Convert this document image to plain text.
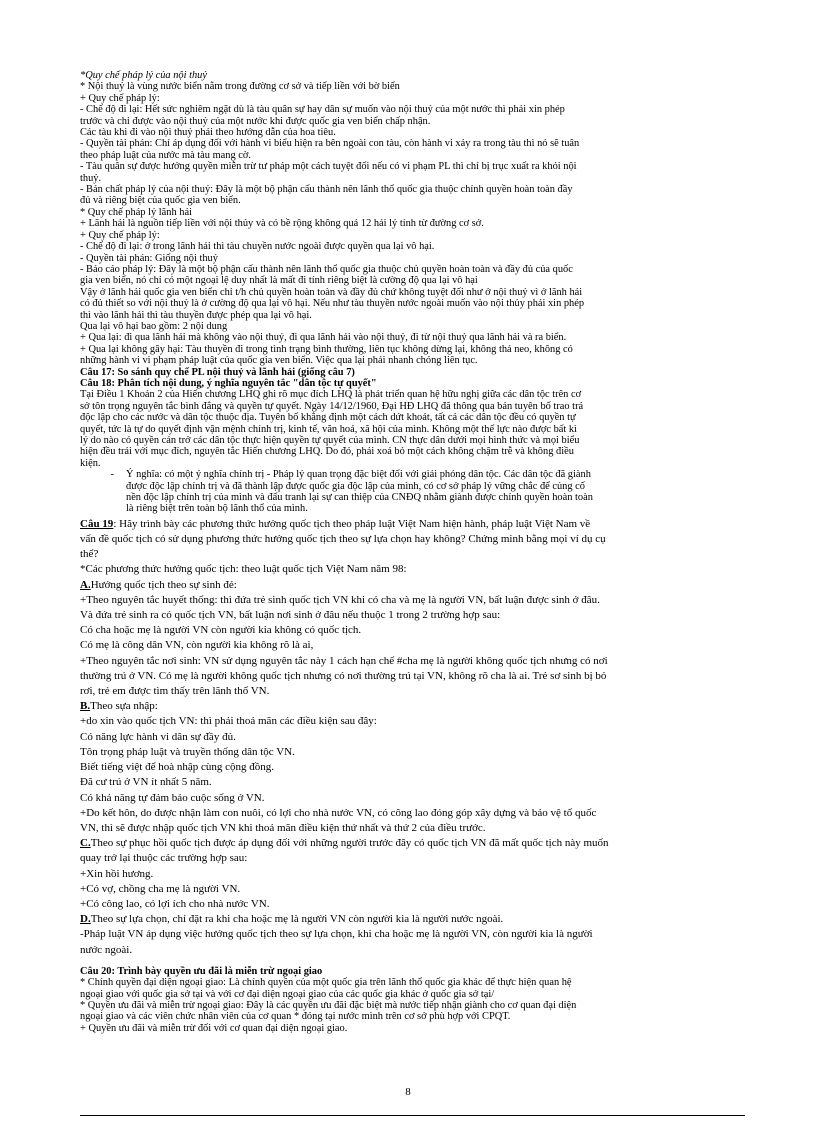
*Quy chế pháp lý của nội thuỷ
* Nội thuỷ là vùng nước biển nằm trong đường cơ sở và tiếp liền với bờ biển
+ Quy chế pháp lý:
- Chế độ đi lại: Hết sức nghiêm ngặt dù là tàu quân sự hay dân sự muốn vào nội thuỷ của một nước thì phải xin phép
trước và chỉ được vào nội thuỷ của một nước khi được quốc gia ven biển chấp nhận.
Các tàu khi đi vào nội thuỷ phải theo hướng dẫn của hoa tiêu.
- Quyền tài phán: Chỉ áp dụng đối với hành vi biểu hiện ra bên ngoài con tàu, còn hành vi xảy ra trong tàu thì nó sẽ tuân
theo pháp luật của nước mà tàu mang cờ.
- Tàu quân sự được hưởng quyền miễn trừ tư pháp một cách tuyệt đối nếu có vi phạm PL thì chỉ bị trục xuất ra khỏi nội
thuỷ.
- Bản chất pháp lý của nội thuỷ: Đây là một bộ phận cấu thành nên lãnh thổ quốc gia thuộc chính quyền hoàn toàn đầy
đủ và riêng biệt của quốc gia ven biển.
* Quy chế pháp lý lãnh hải
+ Lãnh hải là nguồn tiếp liền với nội thủy và có bề rộng không quá 12 hải lý tính từ đường cơ sở.
+ Quy chế pháp lý:
- Chế độ đi lại: ở trong lãnh hải thì tàu chuyền nước ngoài được quyền qua lại vô hại.
- Quyền tài phán: Giống nội thuỷ
- Bảo cáo pháp lý: Đây là một bộ phận cấu thành nên lãnh thổ quốc gia thuộc chủ quyền hoàn toàn và đầy đủ của quốc
gia ven biển, nó chỉ có một ngoại lệ duy nhất là mất đi tính riêng biệt là cường độ qua lại vô hại
Vậy ở lãnh hải quốc gia ven biển chỉ t/h chủ quyền hoàn toàn và đầy đủ chứ không tuyệt đối như ở nội thuỷ vì ở lãnh hải
có đủ thiết so với nội thuỷ là ở cường độ qua lại vô hại. Nếu như tàu thuyền nước ngoài muốn vào nội thủy phải xin phép
thì vào lãnh hải thì tàu thuyền được phép qua lại vô hại.
Qua lại vô hại bao gồm: 2 nội dung
+ Qua lại: đi qua lãnh hải mà không vào nội thuỷ, đi qua lãnh hải vào nội thuỷ, đi từ nội thuỷ qua lãnh hải và ra biển.
+ Qua lại không gây hại: Tàu thuyền đi trong tình trạng bình thường, liên tục không dừng lại, không thả neo, không có
những hành vi vi phạm pháp luật của quốc gia ven biển. Việc qua lại phải nhanh chóng liên tục.
Câu 17: So sánh quy chế PL nội thuỷ và lãnh hải (giống câu 7)
Câu 18: Phân tích nội dung, ý nghĩa nguyên tắc "dân tộc tự quyết"
Tại Điều 1 Khoản 2 của Hiến chương LHQ ghi rõ mục đích LHQ là phát triển quan hệ hữu nghị giữa các dân tộc trên cơ
sở tôn trọng nguyên tắc bình đẳng và quyền tự quyết. Ngày 14/12/1960, Đại HĐ LHQ đã thông qua bản tuyên bố trao trả
độc lập cho các nước và dân tộc thuộc địa. Tuyên bố khẳng định một cách dứt khoát, tất cả các dân tộc đều có quyền tự
quyết, tức là tự do quyết định vận mệnh chính trị, kinh tế, văn hoá, xã hội của mình. Không một thế lực nào được bất kì
lý do nào có quyền cản trở các dân tộc thực hiện quyền tự quyết của mình. CN thực dân dưới mọi hình thức và mọi biểu
hiện đều trái với mục đích, nguyên tắc Hiến chương LHQ. Do đó, phải xoá bỏ một cách không chậm trễ và không điều
kiện.
-	Ý nghĩa: có một ý nghĩa chính trị - Pháp lý quan trọng đặc biệt đối với giải phóng dân tộc. Các dân tộc đã giành
được độc lập chính trị và đã thành lập được quốc gia độc lập của mình, có cơ sở pháp lý vững chắc để củng cố
nền độc lập chính trị của mình và đấu tranh lại sự can thiệp của CNĐQ nhằm giành được chính quyền hoàn toàn
là riêng biệt trên toàn bộ lãnh thổ của mình.
Câu 19: Hãy trình bày các phương thức hưởng quốc tịch theo pháp luật Việt Nam hiện hành, pháp luật Việt Nam về
vấn đề quốc tịch có sử dụng phương thức hưởng quốc tịch theo sự lựa chọn hay không? Chứng minh bằng mọi ví dụ cụ
thể?
*Các phương thức hưởng quốc tịch: theo luật quốc tịch Việt Nam năm 98:
A.Hưởng quốc tịch theo sự sinh đẻ:
+Theo nguyên tắc huyết thống: thì đứa trẻ sinh quốc tịch VN khi có cha và mẹ là người VN, bất luận được sinh ở đâu.
Và đứa trẻ sinh ra có quốc tịch VN, bất luận nơi sinh ở đâu nếu thuộc 1 trong 2 trường hợp sau:
Có cha hoặc mẹ là người VN còn người kia không có quốc tịch.
Có mẹ là công dân VN, còn người kia không rõ là ai,
+Theo nguyên tắc nơi sinh: VN sử dụng nguyên tắc này 1 cách hạn chế #cha mẹ là người không quốc tịch nhưng có nơi
thường trú ở VN. Có mẹ là người không quốc tịch nhưng có nơi thường trú tại VN, không rõ cha là ai. Trẻ sơ sinh bị bỏ
rơi, trẻ em được tìm thấy trên lãnh thổ VN.
B.Theo sựa nhập:
+do xin vào quốc tịch VN: thì phải thoả mãn các điều kiện sau đây:
Có năng lực hành vi dân sự đầy đủ.
Tôn trọng pháp luật và truyền thống dân tộc VN.
Biết tiếng việt để hoà nhập cùng cộng đồng.
Đã cư trú ở VN ít nhất 5 năm.
Có khả năng tự đảm bảo cuộc sống ở VN.
+Do kết hôn, do được nhận làm con nuôi, có lợi cho nhà nước VN, có công lao đóng góp xây dựng và bảo vệ tổ quốc
VN, thì sẽ được nhập quốc tịch VN khi thoả mãn điều kiện thứ nhất và thứ 2 của điều trước.
C.Theo sự phục hồi quốc tịch được áp dụng đối với những người trước đây có quốc tịch VN đã mất quốc tịch này muốn
quay trở lại thuộc các trường hợp sau:
+Xin hồi hương.
+Có vợ, chồng cha mẹ là người VN.
+Có công lao, có lợi ích cho nhà nước VN.
D.Theo sự lựa chọn, chỉ đặt ra khi cha hoặc mẹ là người VN còn người kia là người nước ngoài.
-Pháp luật VN áp dụng việc hưởng quốc tịch theo sự lựa chọn, khi cha hoặc mẹ là người VN, còn người kia là người
nước ngoài.
Câu 20: Trình bày quyền ưu đãi là miễn trừ ngoại giao
* Chính quyền đại diện ngoại giao: Là chính quyền của một quốc gia trên lãnh thổ quốc gia khác để thực hiện quan hệ
ngoại giao với quốc gia sở tại và với cơ đại diện ngoại giao của các quốc gia khác ở quốc gia sở tại/
* Quyền ưu đãi và miễn trừ ngoại giao: Đây là các quyền ưu đãi đặc biệt mà nước tiếp nhận giành cho cơ quan đại diện
ngoại giao và các viên chức nhân viên của cơ quan * đóng tại nước mình trên cơ sở phù hợp với CPQT.
+ Quyền ưu đãi và miễn trừ đối với cơ quan đại diện ngoại giao.
8
